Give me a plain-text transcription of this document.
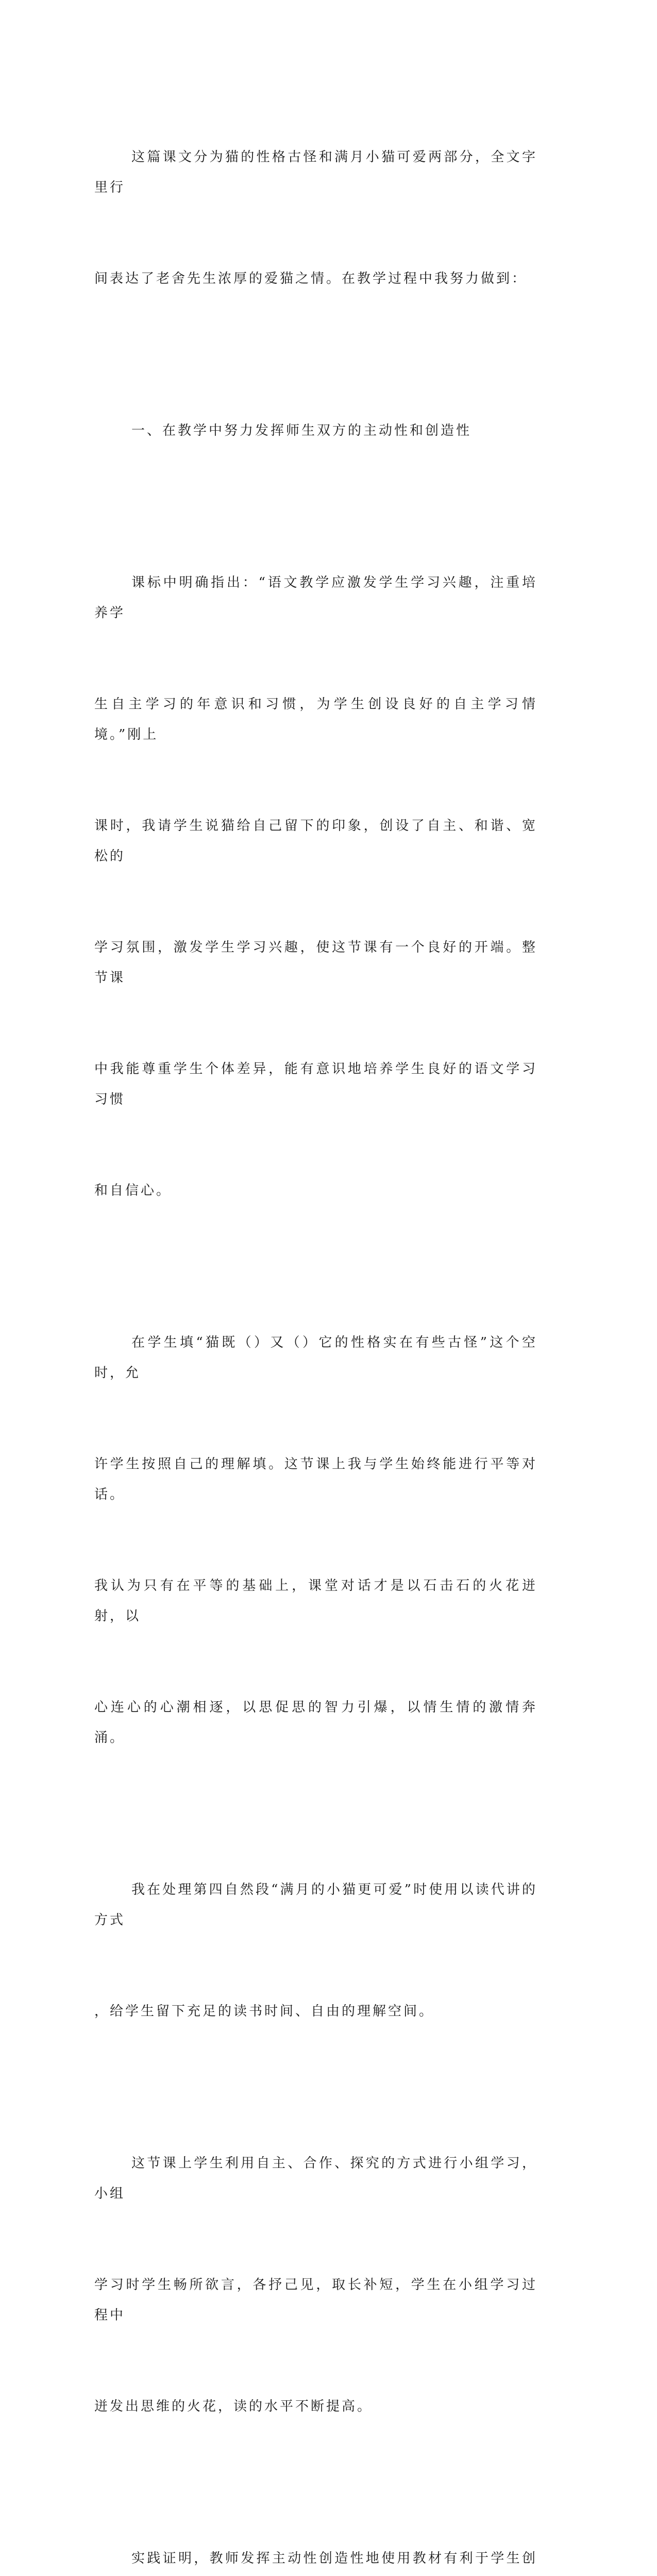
这篇课文分为猫的性格古怪和满月小猫可爱两部分，全文字里行

间表达了老舍先生浓厚的爱猫之情。在教学过程中我努力做到：

一、在教学中努力发挥师生双方的主动性和创造性

课标中明确指出：“语文教学应激发学生学习兴趣，注重培养学

生自主学习的年意识和习惯，为学生创设良好的自主学习情境。”刚上

课时，我请学生说猫给自己留下的印象，创设了自主、和谐、宽松的

学习氛围，激发学生学习兴趣，使这节课有一个良好的开端。整节课

中我能尊重学生个体差异，能有意识地培养学生良好的语文学习习惯

和自信心。

在学生填“猫既（）又（）它的性格实在有些古怪”这个空时，允

许学生按照自己的理解填。这节课上我与学生始终能进行平等对话。

我认为只有在平等的基础上，课堂对话才是以石击石的火花迸射，以

心连心的心潮相逐，以思促思的智力引爆，以情生情的激情奔涌。

我在处理第四自然段“满月的小猫更可爱”时使用以读代讲的方式

，给学生留下充足的读书时间、自由的理解空间。

这节课上学生利用自主、合作、探究的方式进行小组学习，小组

学习时学生畅所欲言，各抒己见，取长补短，学生在小组学习过程中

迸发出思维的火花，读的水平不断提高。

实践证明，教师发挥主动性创造性地使用教材有利于学生创
